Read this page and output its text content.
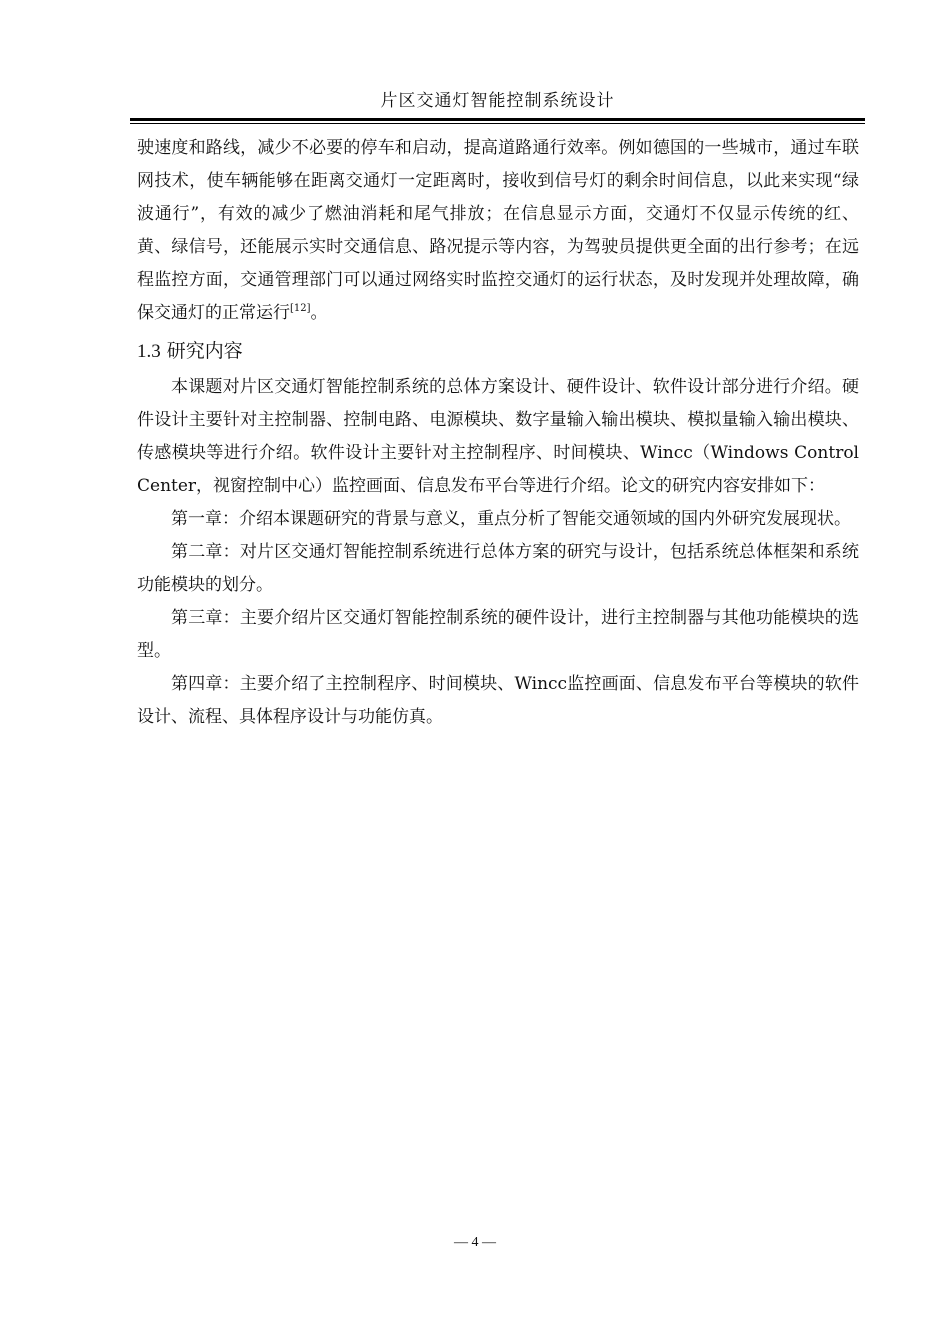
片区交通灯智能控制系统设计

驶速度和路线，减少不必要的停车和启动，提高道路通行效率。例如德国的一些城市，通过车联网技术，使车辆能够在距离交通灯一定距离时，接收到信号灯的剩余时间信息，以此来实现“绿波通行”，有效的减少了燃油消耗和尾气排放；在信息显示方面，交通灯不仅显示传统的红、黄、绿信号，还能展示实时交通信息、路况提示等内容，为驾驶员提供更全面的出行参考；在远程监控方面，交通管理部门可以通过网络实时监控交通灯的运行状态，及时发现并处理故障，确保交通灯的正常运行[12]。

1.3 研究内容

本课题对片区交通灯智能控制系统的总体方案设计、硬件设计、软件设计部分进行介绍。硬件设计主要针对主控制器、控制电路、电源模块、数字量输入输出模块、模拟量输入输出模块、传感模块等进行介绍。软件设计主要针对主控制程序、时间模块、Wincc（Windows Control Center，视窗控制中心）监控画面、信息发布平台等进行介绍。论文的研究内容安排如下：

第一章：介绍本课题研究的背景与意义，重点分析了智能交通领域的国内外研究发展现状。

第二章：对片区交通灯智能控制系统进行总体方案的研究与设计，包括系统总体框架和系统功能模块的划分。

第三章：主要介绍片区交通灯智能控制系统的硬件设计，进行主控制器与其他功能模块的选型。

第四章：主要介绍了主控制程序、时间模块、Wincc监控画面、信息发布平台等模块的软件设计、流程、具体程序设计与功能仿真。

— 4 —
